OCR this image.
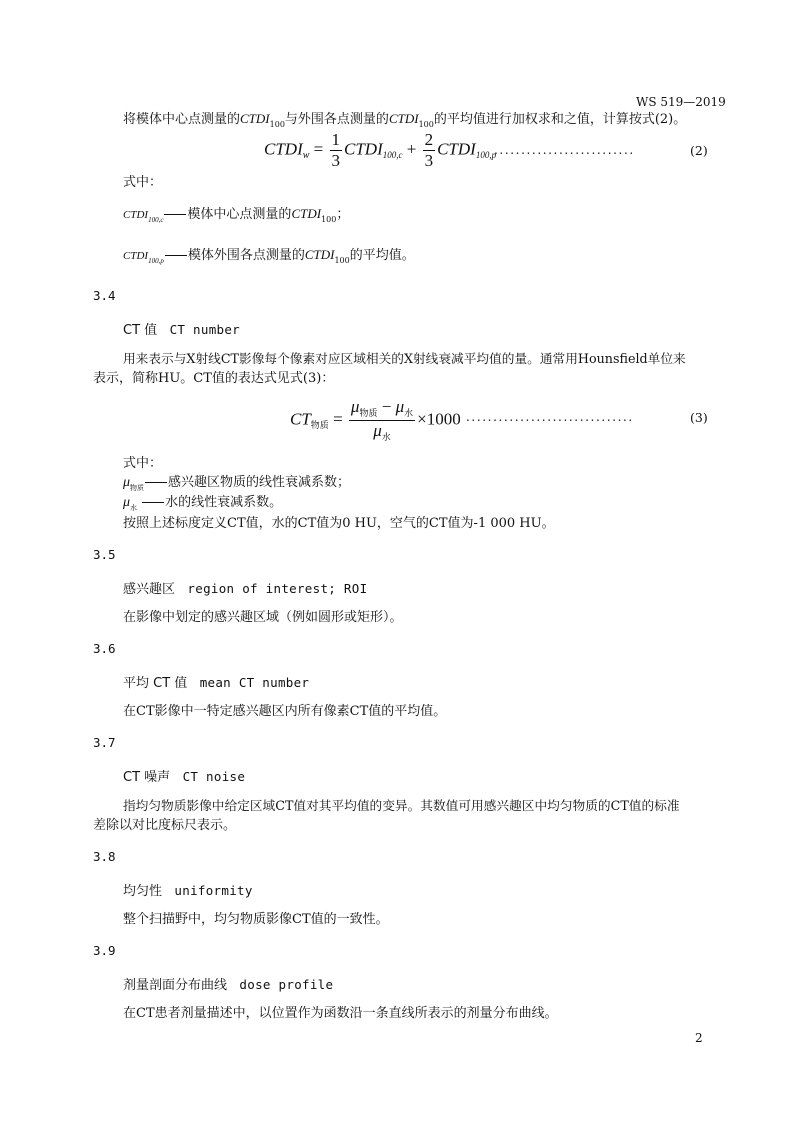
WS 519—2019
将模体中心点测量的$CTDI_{100}$与外围各点测量的$CTDI_{100}$的平均值进行加权求和之值，计算按式(2)。
$CTDI_w = \frac{1}{3}$ $CTDI_{100,c} + \frac{2}{3}$ $CTDI_{100,p}$
..........................	(2)
式中：
$CTDI_{100,c}$ 模体中心点测量的$CTDI_{100}$；
$CTDI_{100,p}$ 模体外围各点测量的$CTDI_{100}$的平均值。
3.4
CT 值 CT number
用来表示与X射线CT影像每个像素对应区域相关的X射线衰减平均值的量。通常用Hounsfield单位来
表示，简称HU。CT值的表达式见式(3)：
$CT_{物质} = \frac{\mu_{物质} - \mu_水}{\mu_水} \times 1000$ ...............................	(3)
式中：
$\mu_{物质}$ 感兴趣区物质的线性衰减系数；
$\mu_水$ 水的线性衰减系数。
按照上述标度定义CT值，水的CT值为0 HU，空气的CT值为-1 000 HU。
3.5
感兴趣区 region of interest; ROI
在影像中划定的感兴趣区域（例如圆形或矩形）。
3.6
平均 CT 值 mean CT number
在CT影像中一特定感兴趣区内所有像素CT值的平均值。
3.7
CT 噪声 CT noise
指均匀物质影像中给定区域CT值对其平均值的变异。其数值可用感兴趣区中均匀物质的CT值的标准
差除以对比度标尺表示。
3.8
均匀性 uniformity
整个扫描野中，均匀物质影像CT值的一致性。
3.9
剂量剖面分布曲线 dose profile
在CT患者剂量描述中，以位置作为函数沿一条直线所表示的剂量分布曲线。
2
